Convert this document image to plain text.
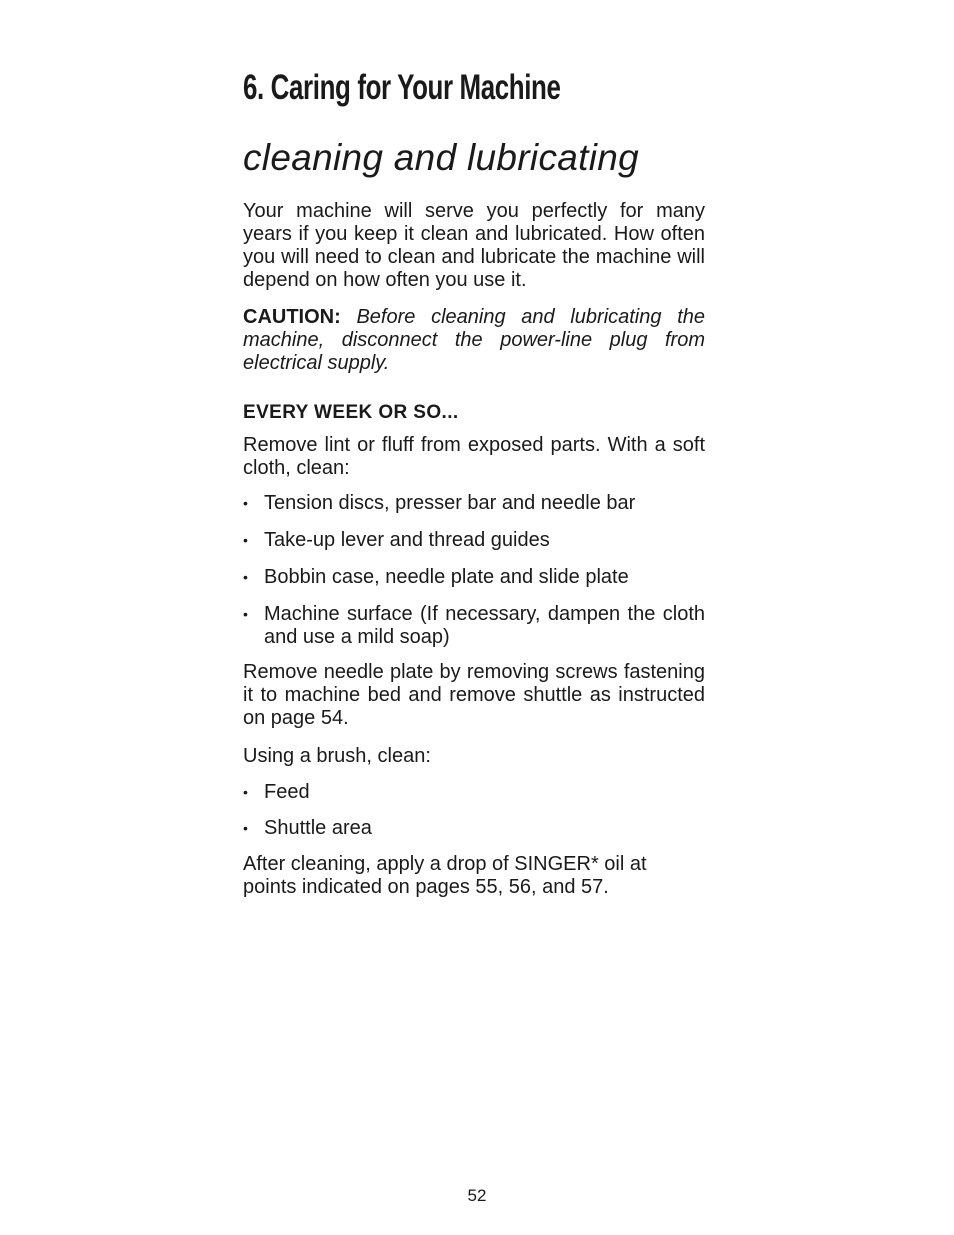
6. Caring for Your Machine
cleaning and lubricating

Your machine will serve you perfectly for many years if you keep it clean and lubricated. How often you will need to clean and lubricate the machine will depend on how often you use it.

CAUTION: Before cleaning and lubricating the machine, disconnect the power-line plug from electrical supply.

EVERY WEEK OR SO...

Remove lint or fluff from exposed parts. With a soft cloth, clean:

• Tension discs, presser bar and needle bar
• Take-up lever and thread guides
• Bobbin case, needle plate and slide plate
• Machine surface (If necessary, dampen the cloth and use a mild soap)

Remove needle plate by removing screws fastening it to machine bed and remove shuttle as instructed on page 54.

Using a brush, clean:

• Feed
• Shuttle area

After cleaning, apply a drop of SINGER* oil at points indicated on pages 55, 56, and 57.

52
